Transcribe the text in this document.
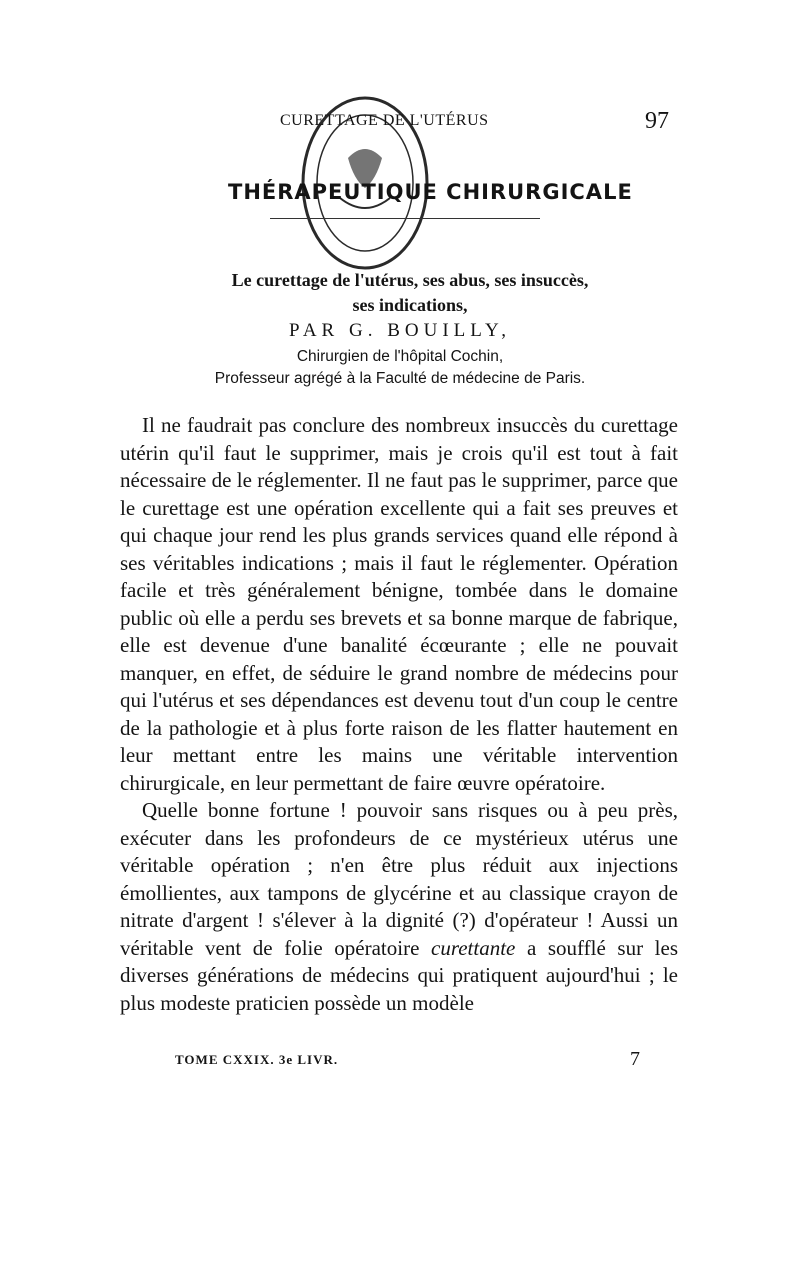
CURETTAGE DE L'UTÉRUS	97
THÉRAPEUTIQUE CHIRURGICALE
Le curettage de l'utérus, ses abus, ses insuccès,
ses indications,
PAR G. BOUILLY,
Chirurgien de l'hôpital Cochin,
Professeur agrégé à la Faculté de médecine de Paris.

Il ne faudrait pas conclure des nombreux insuccès du curettage utérin qu'il faut le supprimer, mais je crois qu'il est tout à fait nécessaire de le réglementer. Il ne faut pas le supprimer, parce que le curettage est une opération excellente qui a fait ses preuves et qui chaque jour rend les plus grands services quand elle répond à ses véritables indications ; mais il faut le réglementer. Opération facile et très généralement bénigne, tombée dans le domaine public où elle a perdu ses brevets et sa bonne marque de fabrique, elle est devenue d'une banalité écœurante ; elle ne pouvait manquer, en effet, de séduire le grand nombre de médecins pour qui l'utérus et ses dépendances est devenu tout d'un coup le centre de la pathologie et à plus forte raison de les flatter hautement en leur mettant entre les mains une véritable intervention chirurgicale, en leur permettant de faire œuvre opératoire.

Quelle bonne fortune ! pouvoir sans risques ou à peu près, exécuter dans les profondeurs de ce mystérieux utérus une véritable opération ; n'en être plus réduit aux injections émollientes, aux tampons de glycérine et au classique crayon de nitrate d'argent ! s'élever à la dignité (?) d'opérateur ! Aussi un véritable vent de folie opératoire curettante a soufflé sur les diverses générations de médecins qui pratiquent aujourd'hui ; le plus modeste praticien possède un modèle

TOME CXXIX. 3e LIVR.	7
